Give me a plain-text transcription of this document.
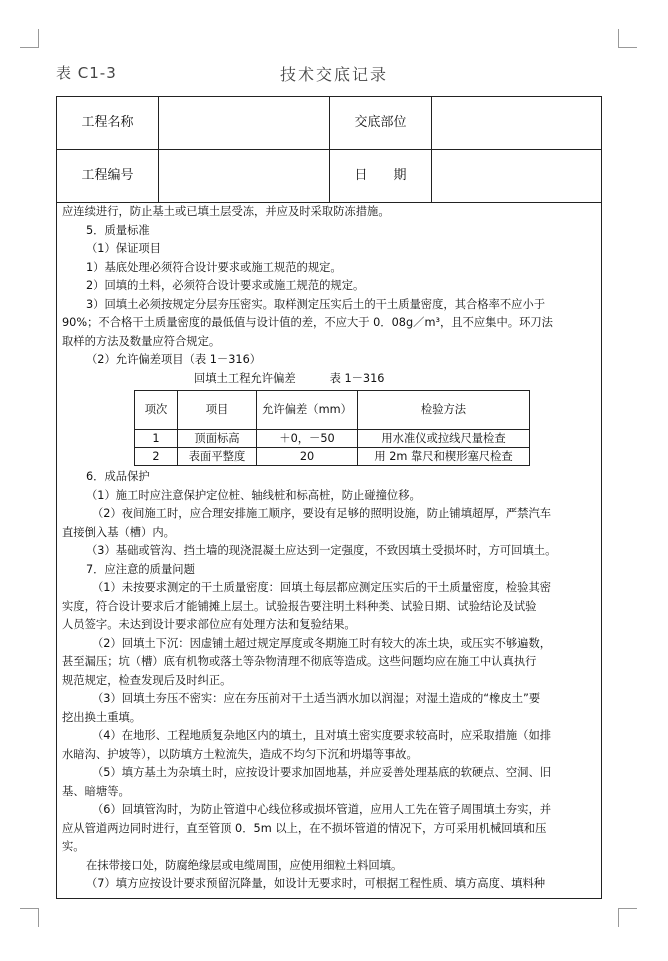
表 C1-3	技术交底记录
工程名称	交底部位
工程编号	日　　期
应连续进行，防止基土或已填土层受冻，并应及时采取防冻措施。
5．质量标准
（1）保证项目
1）基底处理必须符合设计要求或施工规范的规定。
2）回填的土料，必须符合设计要求或施工规范的规定。
3）回填土必须按规定分层夯压密实。取样测定压实后土的干土质量密度，其合格率不应小于
90%；不合格干土质量密度的最低值与设计值的差，不应大于 0．08g／m³，且不应集中。环刀法
取样的方法及数量应符合规定。
（2）允许偏差项目（表 1－316）
回填土工程允许偏差　　　表 1－316
项次	项目	允许偏差（mm）	检验方法
1	顶面标高	＋0，－50	用水准仪或拉线尺量检查
2	表面平整度	20	用 2m 靠尺和楔形塞尺检查
6．成品保护
（1）施工时应注意保护定位桩、轴线桩和标高桩，防止碰撞位移。
（2）夜间施工时，应合理安排施工顺序，要设有足够的照明设施，防止铺填超厚，严禁汽车
直接倒入基（槽）内。
（3）基础或管沟、挡土墙的现浇混凝土应达到一定强度，不致因填土受损坏时，方可回填土。
7．应注意的质量问题
（1）未按要求测定的干土质量密度：回填土每层都应测定压实后的干土质量密度，检验其密
实度，符合设计要求后才能铺摊上层土。试验报告要注明土料种类、试验日期、试验结论及试验
人员签字。未达到设计要求部位应有处理方法和复验结果。
（2）回填土下沉：因虚铺土超过规定厚度或冬期施工时有较大的冻土块，或压实不够遍数，
甚至漏压；坑（槽）底有机物或落土等杂物清理不彻底等造成。这些问题均应在施工中认真执行
规范规定，检查发现后及时纠正。
（3）回填土夯压不密实：应在夯压前对干土适当洒水加以润湿；对湿土造成的“橡皮土”要
挖出换土重填。
（4）在地形、工程地质复杂地区内的填土，且对填土密实度要求较高时，应采取措施（如排
水暗沟、护坡等），以防填方土粒流失，造成不均匀下沉和坍塌等事故。
（5）填方基土为杂填土时，应按设计要求加固地基，并应妥善处理基底的软硬点、空洞、旧
基、暗塘等。
（6）回填管沟时，为防止管道中心线位移或损坏管道，应用人工先在管子周围填土夯实，并
应从管道两边同时进行，直至管顶 0．5m 以上，在不损坏管道的情况下，方可采用机械回填和压
实。
在抹带接口处，防腐绝缘层或电缆周围，应使用细粒土料回填。
（7）填方应按设计要求预留沉降量，如设计无要求时，可根据工程性质、填方高度、填料种
